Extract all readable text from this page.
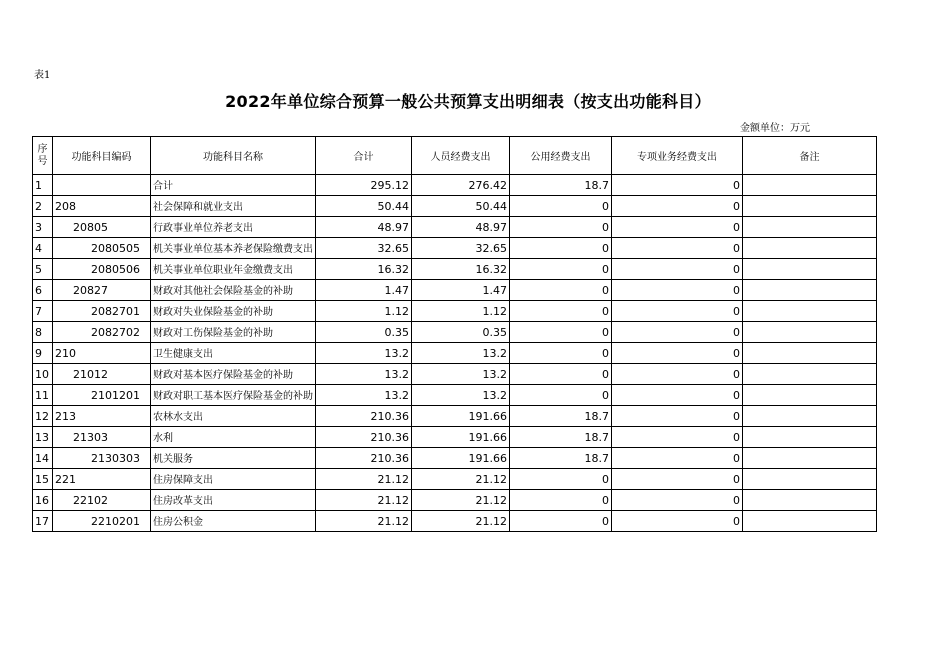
表1
2022年单位综合预算一般公共预算支出明细表（按支出功能科目）
金额单位：万元
序号	功能科目编码	功能科目名称	合计	人员经费支出	公用经费支出	专项业务经费支出	备注
1		合计	295.12	276.42	18.7	0	
2	208	社会保障和就业支出	50.44	50.44	0	0	
3	20805	行政事业单位养老支出	48.97	48.97	0	0	
4	2080505	机关事业单位基本养老保险缴费支出	32.65	32.65	0	0	
5	2080506	机关事业单位职业年金缴费支出	16.32	16.32	0	0	
6	20827	财政对其他社会保险基金的补助	1.47	1.47	0	0	
7	2082701	财政对失业保险基金的补助	1.12	1.12	0	0	
8	2082702	财政对工伤保险基金的补助	0.35	0.35	0	0	
9	210	卫生健康支出	13.2	13.2	0	0	
10	21012	财政对基本医疗保险基金的补助	13.2	13.2	0	0	
11	2101201	财政对职工基本医疗保险基金的补助	13.2	13.2	0	0	
12	213	农林水支出	210.36	191.66	18.7	0	
13	21303	水利	210.36	191.66	18.7	0	
14	2130303	机关服务	210.36	191.66	18.7	0	
15	221	住房保障支出	21.12	21.12	0	0	
16	22102	住房改革支出	21.12	21.12	0	0	
17	2210201	住房公积金	21.12	21.12	0	0	
